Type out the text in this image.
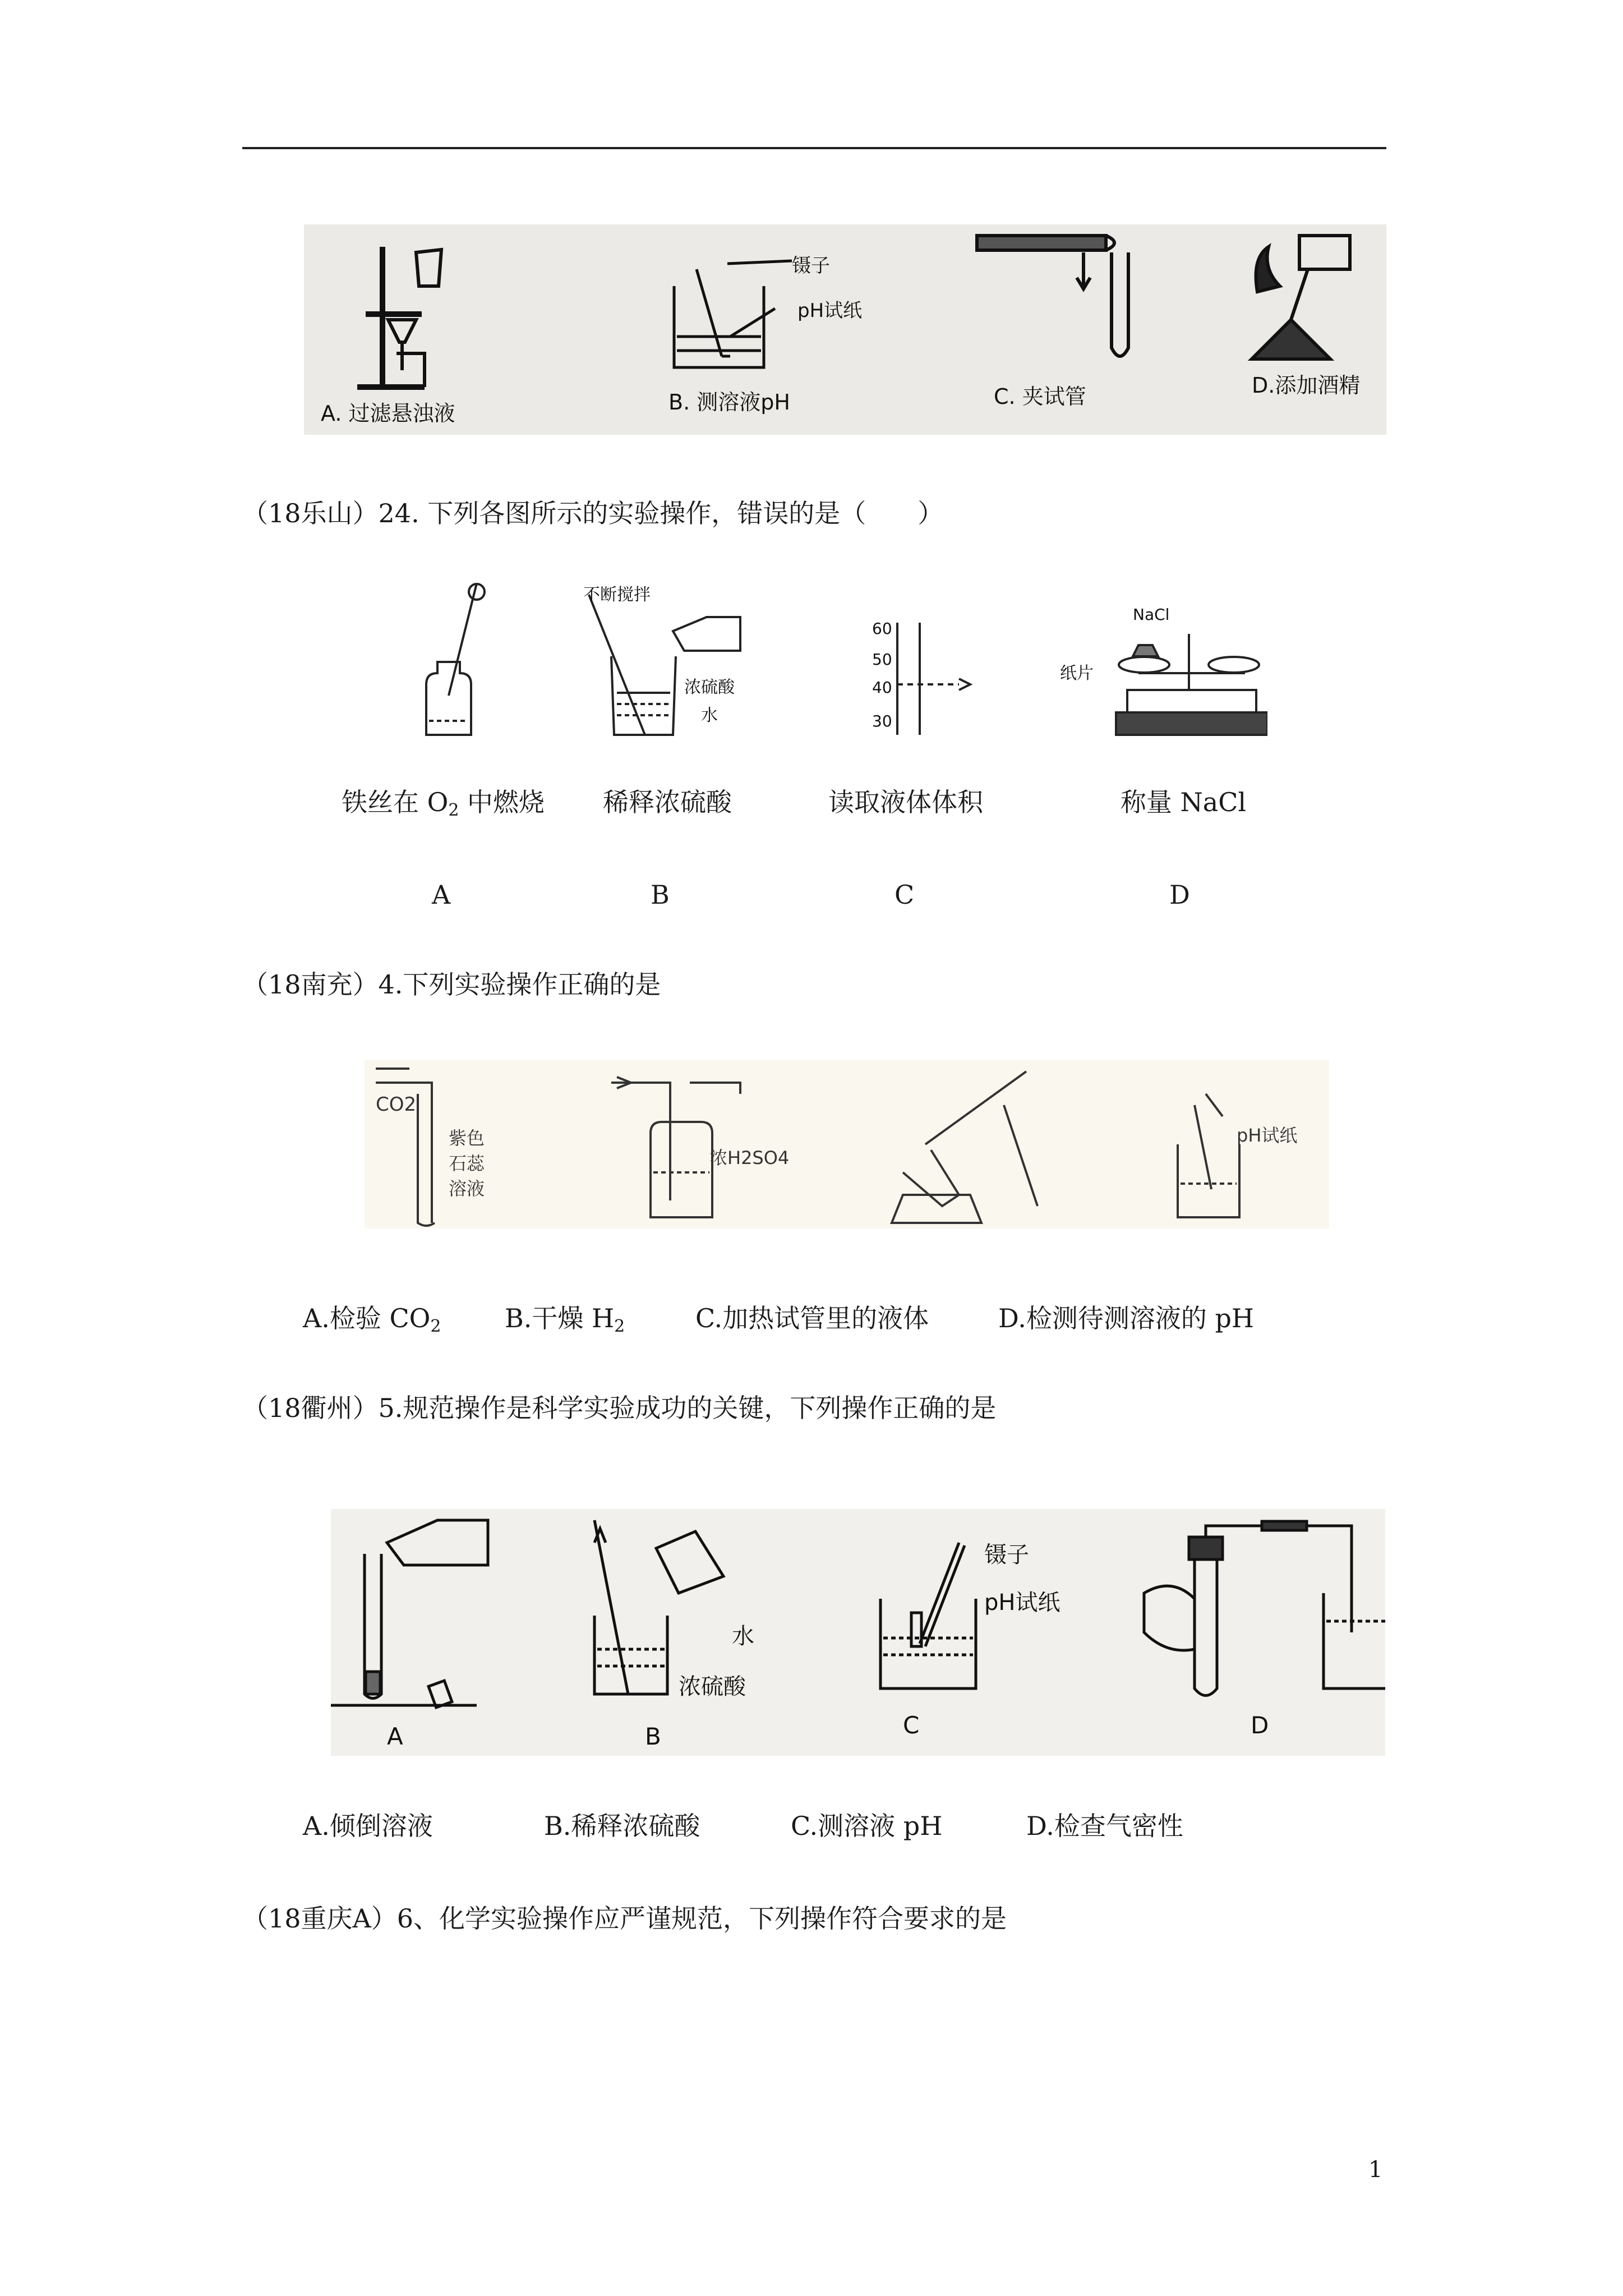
A. 过滤悬浊液
镊子
pH试纸
B. 测溶液pH	C. 夹试管	D.添加酒精
（18乐山）24. 下列各图所示的实验操作，错误的是（　　）
不断搅拌
浓硫酸
水
60
50
40
30
NaCl
纸片
铁丝在 $O_2$ 中燃烧	稀释浓硫酸	读取液体体积	称量 NaCl
A	B	C	D
（18南充）4.下列实验操作正确的是
CO2
紫色
石蕊
溶液
浓H2SO4
pH试纸
A.检验 $CO_2$ B.干燥 $H_2$	C.加热试管里的液体	D.检测待测溶液的 pH
（18衢州）5.规范操作是科学实验成功的关键，下列操作正确的是
A
水
浓硫酸
B
镊子
pH试纸
C	D
A.倾倒溶液	B.稀释浓硫酸	C.测溶液 pH	D.检查气密性
（18重庆A）6、化学实验操作应严谨规范，下列操作符合要求的是
1
